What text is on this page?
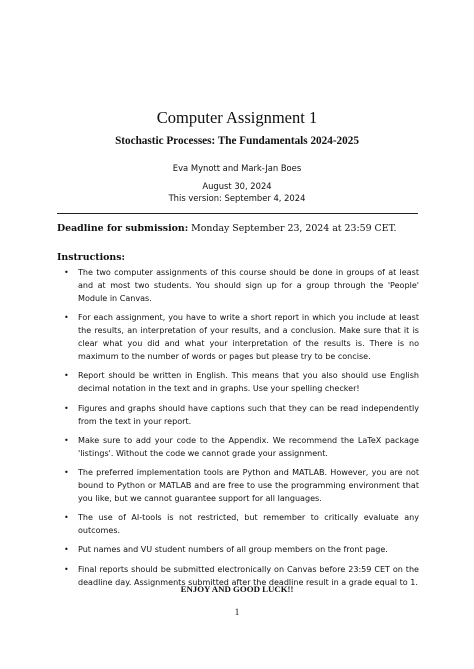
Computer Assignment 1
Stochastic Processes: The Fundamentals 2024-2025
Eva Mynott and Mark-Jan Boes
August 30, 2024
This version: September 4, 2024
Deadline for submission: Monday September 23, 2024 at 23:59 CET.
Instructions:
• The two computer assignments of this course should be done in groups of at least and at most two students. You should sign up for a group through the 'People' Module in Canvas.
• For each assignment, you have to write a short report in which you include at least the results, an interpretation of your results, and a conclusion. Make sure that it is clear what you did and what your interpretation of the results is. There is no maximum to the number of words or pages but please try to be concise.
• Report should be written in English. This means that you also should use English decimal notation in the text and in graphs. Use your spelling checker!
• Figures and graphs should have captions such that they can be read independently from the text in your report.
• Make sure to add your code to the Appendix. We recommend the LaTeX package 'listings'. Without the code we cannot grade your assignment.
• The preferred implementation tools are Python and MATLAB. However, you are not bound to Python or MATLAB and are free to use the programming environment that you like, but we cannot guarantee support for all languages.
• The use of AI-tools is not restricted, but remember to critically evaluate any outcomes.
• Put names and VU student numbers of all group members on the front page.
• Final reports should be submitted electronically on Canvas before 23:59 CET on the deadline day. Assignments submitted after the deadline result in a grade equal to 1.
ENJOY AND GOOD LUCK!!
1
